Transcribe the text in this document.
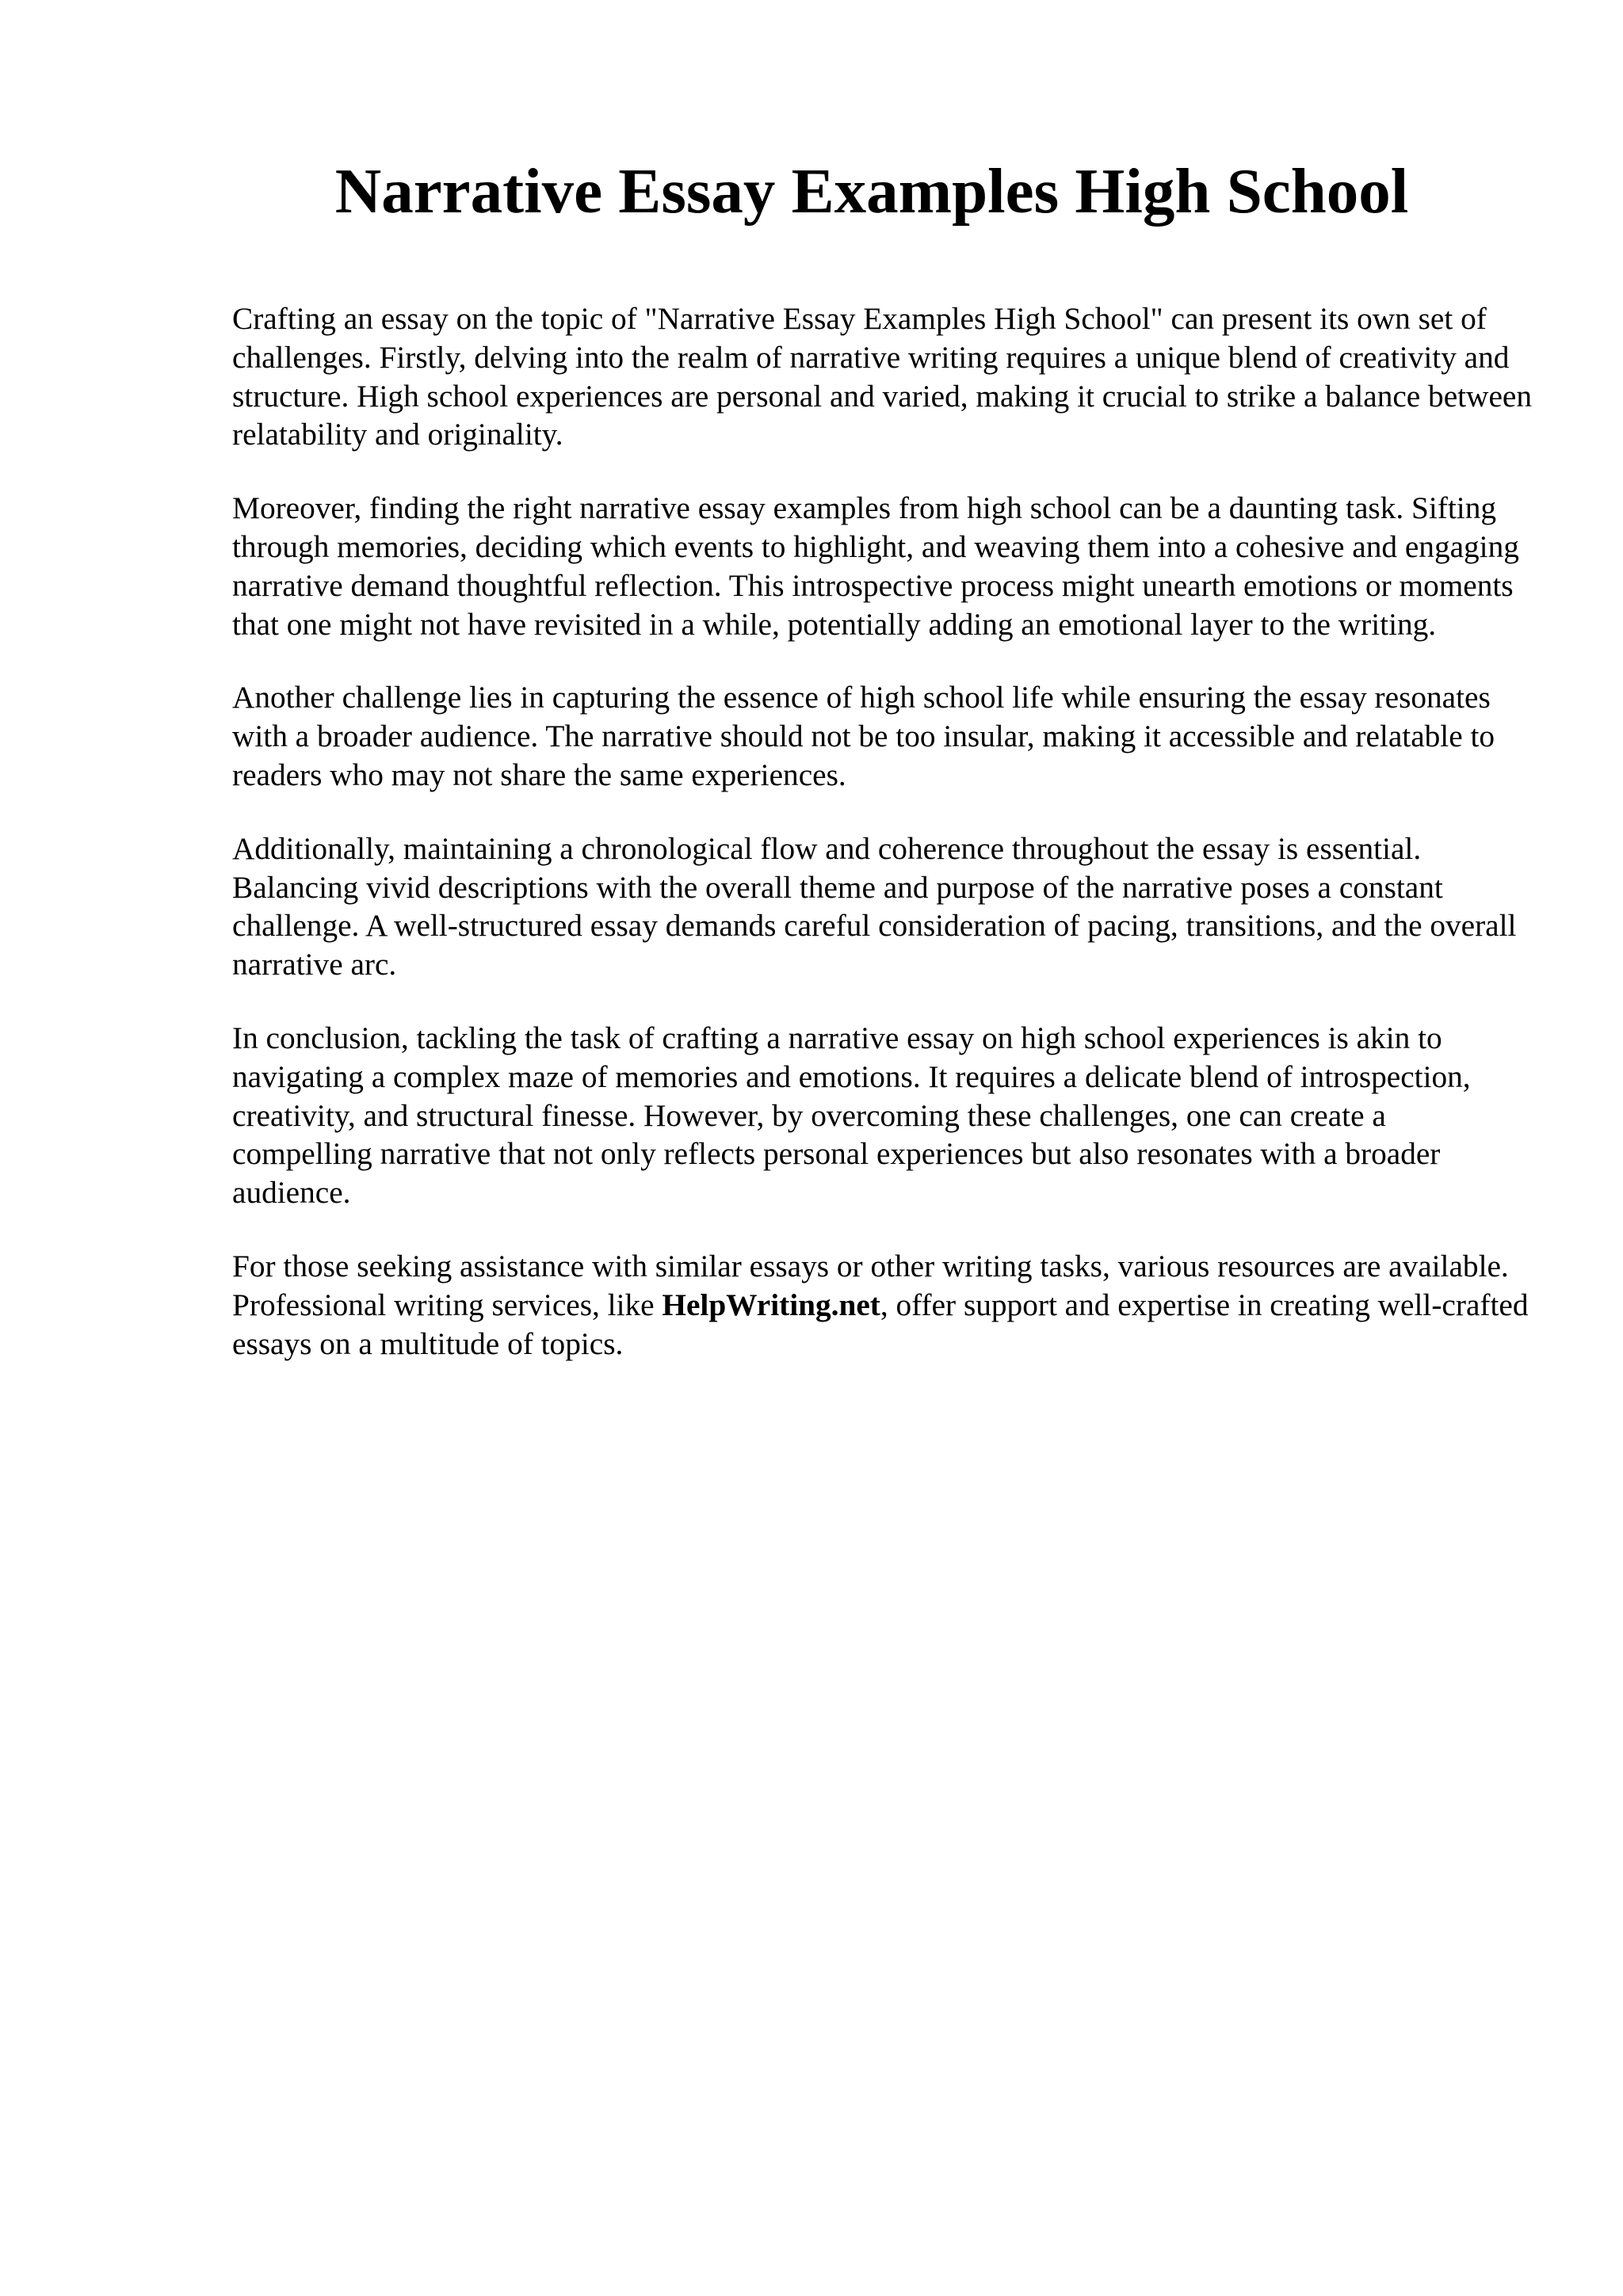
Narrative Essay Examples High School

Crafting an essay on the topic of "Narrative Essay Examples High School" can present its own set of challenges. Firstly, delving into the realm of narrative writing requires a unique blend of creativity and structure. High school experiences are personal and varied, making it crucial to strike a balance between relatability and originality.

Moreover, finding the right narrative essay examples from high school can be a daunting task. Sifting through memories, deciding which events to highlight, and weaving them into a cohesive and engaging narrative demand thoughtful reflection. This introspective process might unearth emotions or moments that one might not have revisited in a while, potentially adding an emotional layer to the writing.

Another challenge lies in capturing the essence of high school life while ensuring the essay resonates with a broader audience. The narrative should not be too insular, making it accessible and relatable to readers who may not share the same experiences.

Additionally, maintaining a chronological flow and coherence throughout the essay is essential. Balancing vivid descriptions with the overall theme and purpose of the narrative poses a constant challenge. A well-structured essay demands careful consideration of pacing, transitions, and the overall narrative arc.

In conclusion, tackling the task of crafting a narrative essay on high school experiences is akin to navigating a complex maze of memories and emotions. It requires a delicate blend of introspection, creativity, and structural finesse. However, by overcoming these challenges, one can create a compelling narrative that not only reflects personal experiences but also resonates with a broader audience.

For those seeking assistance with similar essays or other writing tasks, various resources are available. Professional writing services, like HelpWriting.net, offer support and expertise in creating well-crafted essays on a multitude of topics.
